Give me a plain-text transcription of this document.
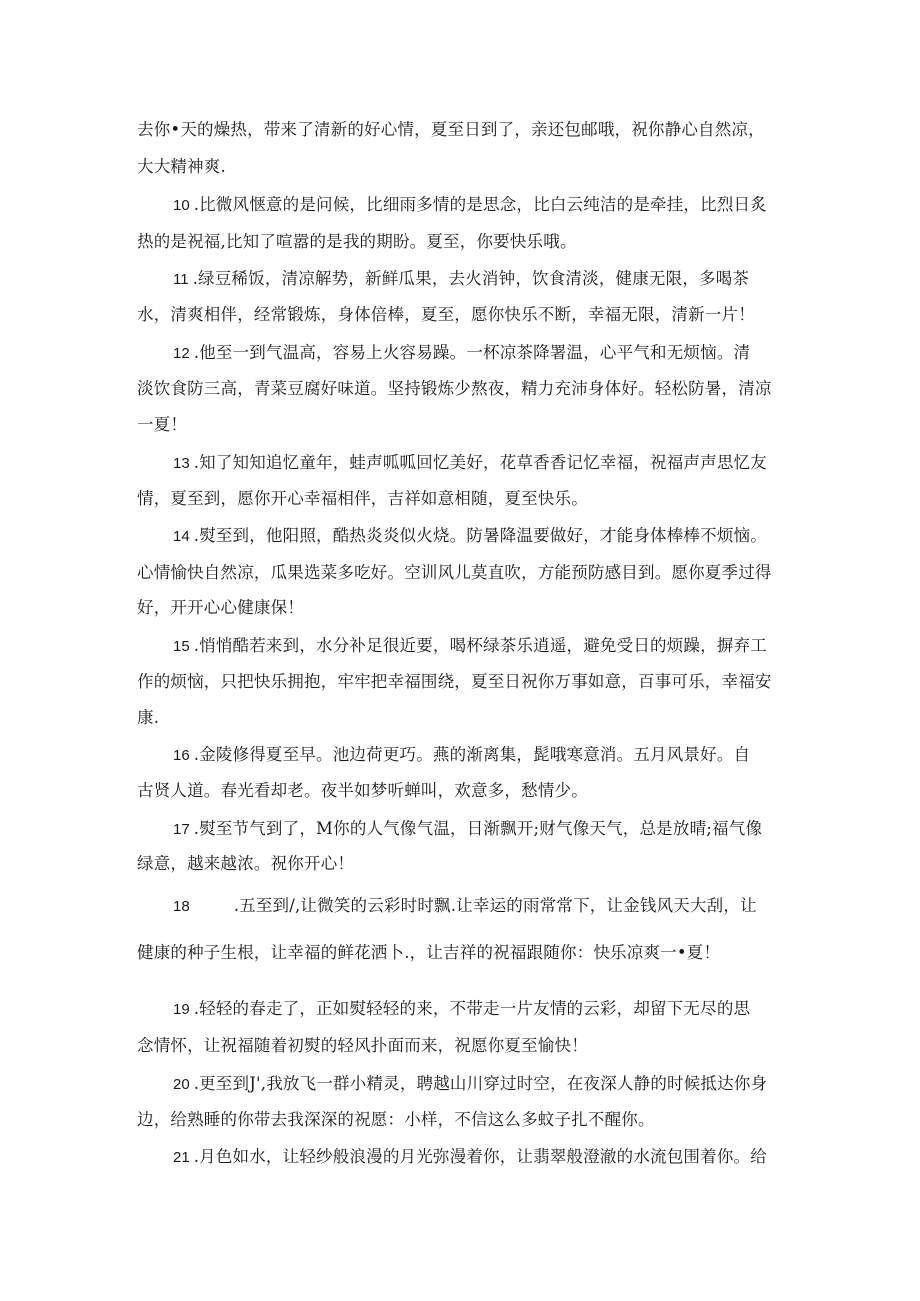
去你•天的燥热，带来了清新的好心情，夏至日到了，亲还包邮哦，祝你静心自然凉，
大大精神爽.
10 .比微风惬意的是问候，比细雨多情的是思念，比白云纯洁的是牵挂，比烈日炙
热的是祝福,比知了喧嚣的是我的期盼。夏至，你要快乐哦。
11 .绿豆稀饭，清凉解势，新鲜瓜果，去火消钟，饮食清淡，健康无限，多喝茶
水，清爽相伴，经常锻炼，身体倍棒，夏至，愿你快乐不断，幸福无限，清新一片！
12 .他至一到气温高，容易上火容易躁。一杯凉茶降署温，心平气和无烦恼。清
淡饮食防三高，青菜豆腐好味道。坚持锻炼少熬夜，精力充沛身体好。轻松防暑，清凉
一夏！
13 .知了知知追忆童年，蛙声呱呱回忆美好，花草香香记忆幸福，祝福声声思忆友
情，夏至到，愿你开心幸福相伴，吉祥如意相随，夏至快乐。
14 .熨至到，他阳照，酷热炎炎似火烧。防暑降温要做好，才能身体棒棒不烦恼。
心情愉快自然凉，瓜果选菜多吃好。空训风儿莫直吹，方能预防感目到。愿你夏季过得
好，开开心心健康保！
15 .悄悄酷若来到，水分补足很近要，喝杯绿茶乐逍遥，避免受日的烦躁，摒弃工
作的烦恼，只把快乐拥抱，牢牢把幸福围绕，夏至日祝你万事如意，百事可乐，幸福安
康.
16 .金陵修得夏至早。池边荷更巧。燕的渐离集，髭哦寒意消。五月风景好。自
古贤人道。春光看却老。夜半如梦听蝉叫，欢意多，愁情少。
17 .熨至节气到了，M你的人气像气温，日渐飘开;财气像天气，总是放晴;福气像
绿意，越来越浓。祝你开心！
18	.五至到/,让微笑的云彩时时飘.让幸运的雨常常下，让金钱风天大刮，让
健康的种子生根，让幸福的鲜花洒卜.，让吉祥的祝福跟随你：快乐凉爽一•夏！
19 .轻轻的春走了，正如熨轻轻的来，不带走一片友情的云彩，却留下无尽的思
念情怀，让祝福随着初熨的轻风扑面而来，祝愿你夏至愉快！
20 .更至到J',我放飞一群小精灵，聘越山川穿过时空，在夜深人静的时候抵达你身
边，给熟睡的你带去我深深的祝愿：小样，不信这么多蚊子扎不醒你。
21 .月色如水，让轻纱般浪漫的月光弥漫着你，让翡翠般澄澈的水流包围着你。给
